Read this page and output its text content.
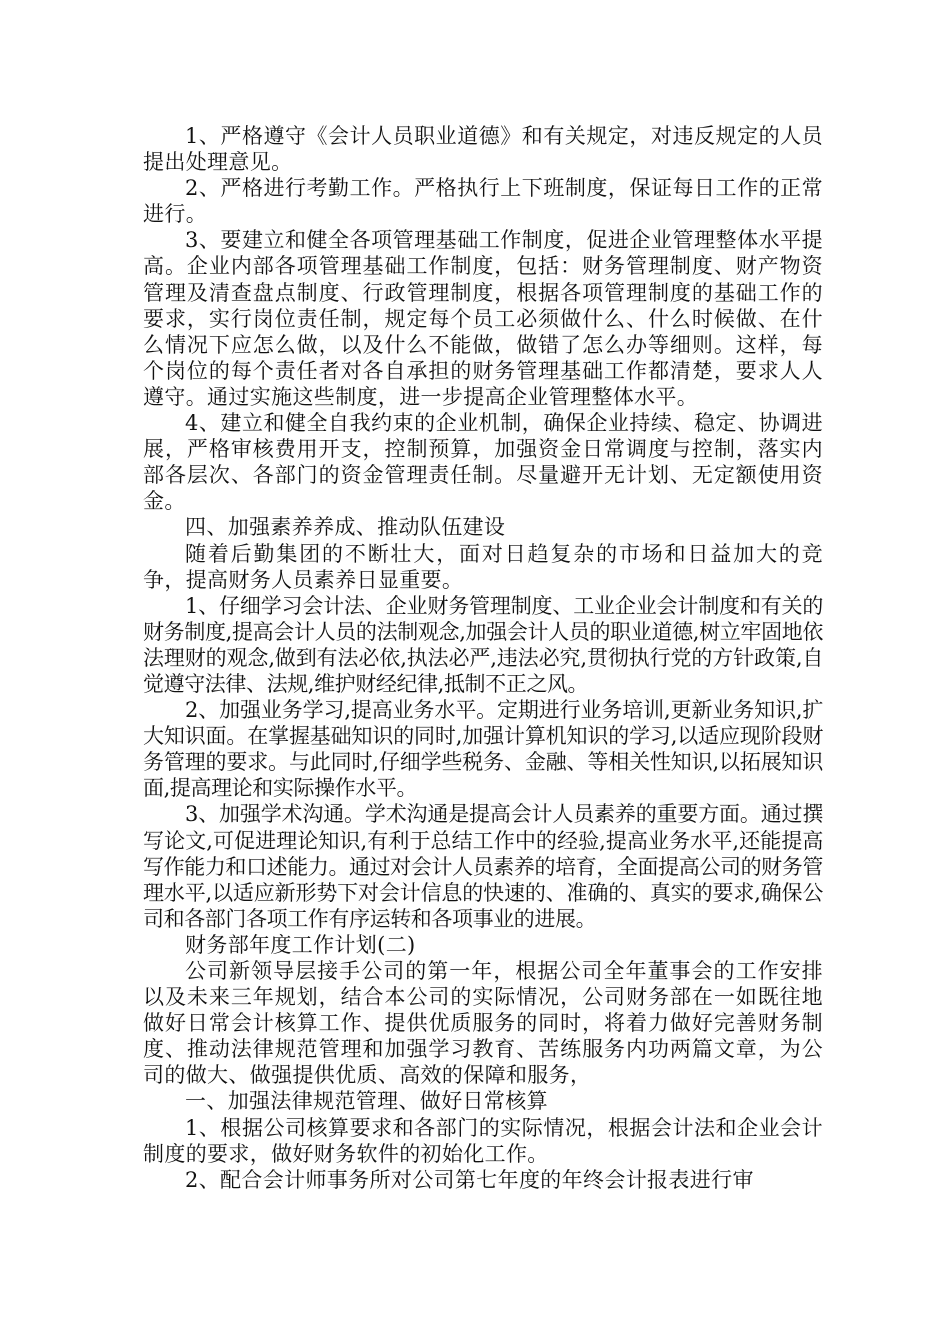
1、严格遵守《会计人员职业道德》和有关规定，对违反规定的人员提出处理意见。

2、严格进行考勤工作。严格执行上下班制度，保证每日工作的正常进行。

3、要建立和健全各项管理基础工作制度，促进企业管理整体水平提高。企业内部各项管理基础工作制度，包括：财务管理制度、财产物资管理及清查盘点制度、行政管理制度，根据各项管理制度的基础工作的要求，实行岗位责任制，规定每个员工必须做什么、什么时候做、在什么情况下应怎么做，以及什么不能做，做错了怎么办等细则。这样，每个岗位的每个责任者对各自承担的财务管理基础工作都清楚，要求人人遵守。通过实施这些制度，进一步提高企业管理整体水平。

4、建立和健全自我约束的企业机制，确保企业持续、稳定、协调进展，严格审核费用开支，控制预算，加强资金日常调度与控制，落实内部各层次、各部门的资金管理责任制。尽量避开无计划、无定额使用资金。

四、加强素养养成、推动队伍建设

随着后勤集团的不断壮大，面对日趋复杂的市场和日益加大的竞争，提高财务人员素养日显重要。

1、仔细学习会计法、企业财务管理制度、工业企业会计制度和有关的财务制度,提高会计人员的法制观念,加强会计人员的职业道德,树立牢固地依法理财的观念,做到有法必依,执法必严,违法必究,贯彻执行党的方针政策,自觉遵守法律、法规,维护财经纪律,抵制不正之风。

2、加强业务学习,提高业务水平。定期进行业务培训,更新业务知识,扩大知识面。在掌握基础知识的同时,加强计算机知识的学习,以适应现阶段财务管理的要求。与此同时,仔细学些税务、金融、等相关性知识,以拓展知识面,提高理论和实际操作水平。

3、加强学术沟通。学术沟通是提高会计人员素养的重要方面。通过撰写论文,可促进理论知识,有利于总结工作中的经验,提高业务水平,还能提高写作能力和口述能力。通过对会计人员素养的培育，全面提高公司的财务管理水平,以适应新形势下对会计信息的快速的、准确的、真实的要求,确保公司和各部门各项工作有序运转和各项事业的进展。

财务部年度工作计划(二)

公司新领导层接手公司的第一年，根据公司全年董事会的工作安排以及未来三年规划，结合本公司的实际情况，公司财务部在一如既往地做好日常会计核算工作、提供优质服务的同时，将着力做好完善财务制度、推动法律规范管理和加强学习教育、苦练服务内功两篇文章，为公司的做大、做强提供优质、高效的保障和服务，

一、加强法律规范管理、做好日常核算

1、根据公司核算要求和各部门的实际情况，根据会计法和企业会计制度的要求，做好财务软件的初始化工作。

2、配合会计师事务所对公司第七年度的年终会计报表进行审
